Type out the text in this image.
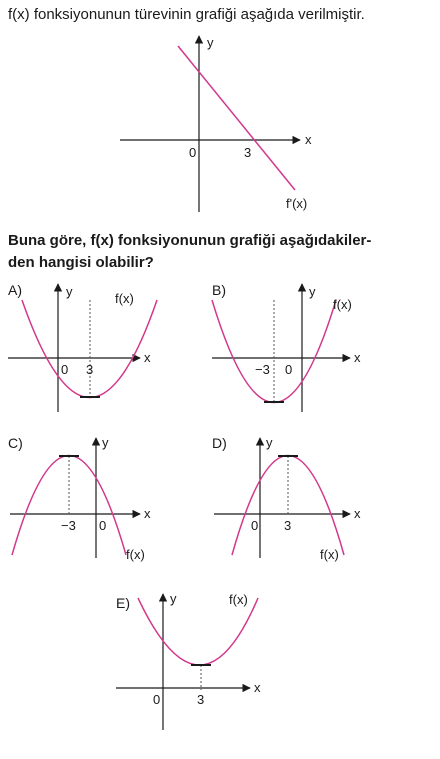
f(x) fonksiyonunun türevinin grafiği aşağıda verilmiştir.
Buna göre, f(x) fonksiyonunun grafiği aşağıdakiler-
den hangisi olabilir?
x
y
0	3
f'(x)
A)
x
y
0 3
f(x)
B)
x
y
0
−3
f(x)
C)
x
y
0
−3
f(x)
D)
x
y
0 3
f(x)
E)
x
y
0	3
f(x)
